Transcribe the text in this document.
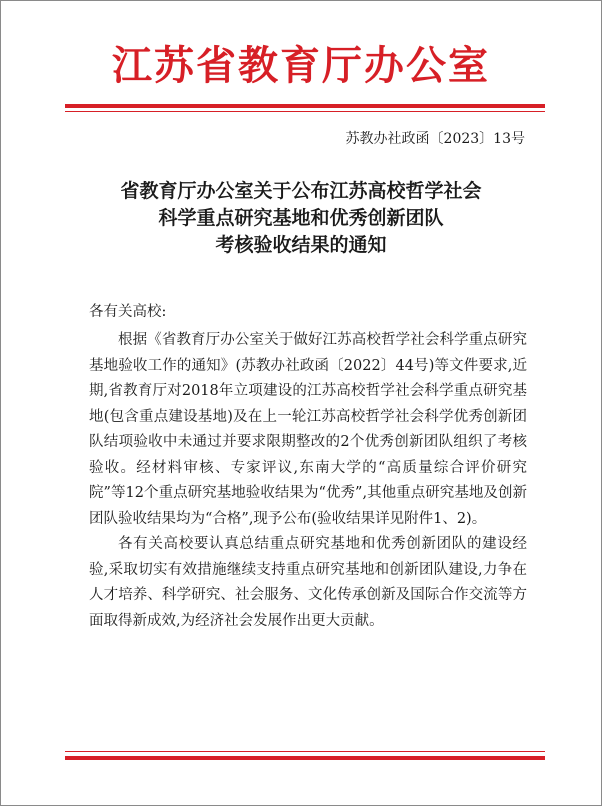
江苏省教育厅办公室
苏教办社政函〔2023〕13号
省教育厅办公室关于公布江苏高校哲学社会
科学重点研究基地和优秀创新团队
考核验收结果的通知
各有关高校:

根据《省教育厅办公室关于做好江苏高校哲学社会科学重点研究基地验收工作的通知》(苏教办社政函〔2022〕44号)等文件要求,近期,省教育厅对2018年立项建设的江苏高校哲学社会科学重点研究基地(包含重点建设基地)及在上一轮江苏高校哲学社会科学优秀创新团队结项验收中未通过并要求限期整改的2个优秀创新团队组织了考核验收。经材料审核、专家评议,东南大学的“高质量综合评价研究院”等12个重点研究基地验收结果为“优秀”,其他重点研究基地及创新团队验收结果均为“合格”,现予公布(验收结果详见附件1、2)。

各有关高校要认真总结重点研究基地和优秀创新团队的建设经验,采取切实有效措施继续支持重点研究基地和创新团队建设,力争在人才培养、科学研究、社会服务、文化传承创新及国际合作交流等方面取得新成效,为经济社会发展作出更大贡献。
